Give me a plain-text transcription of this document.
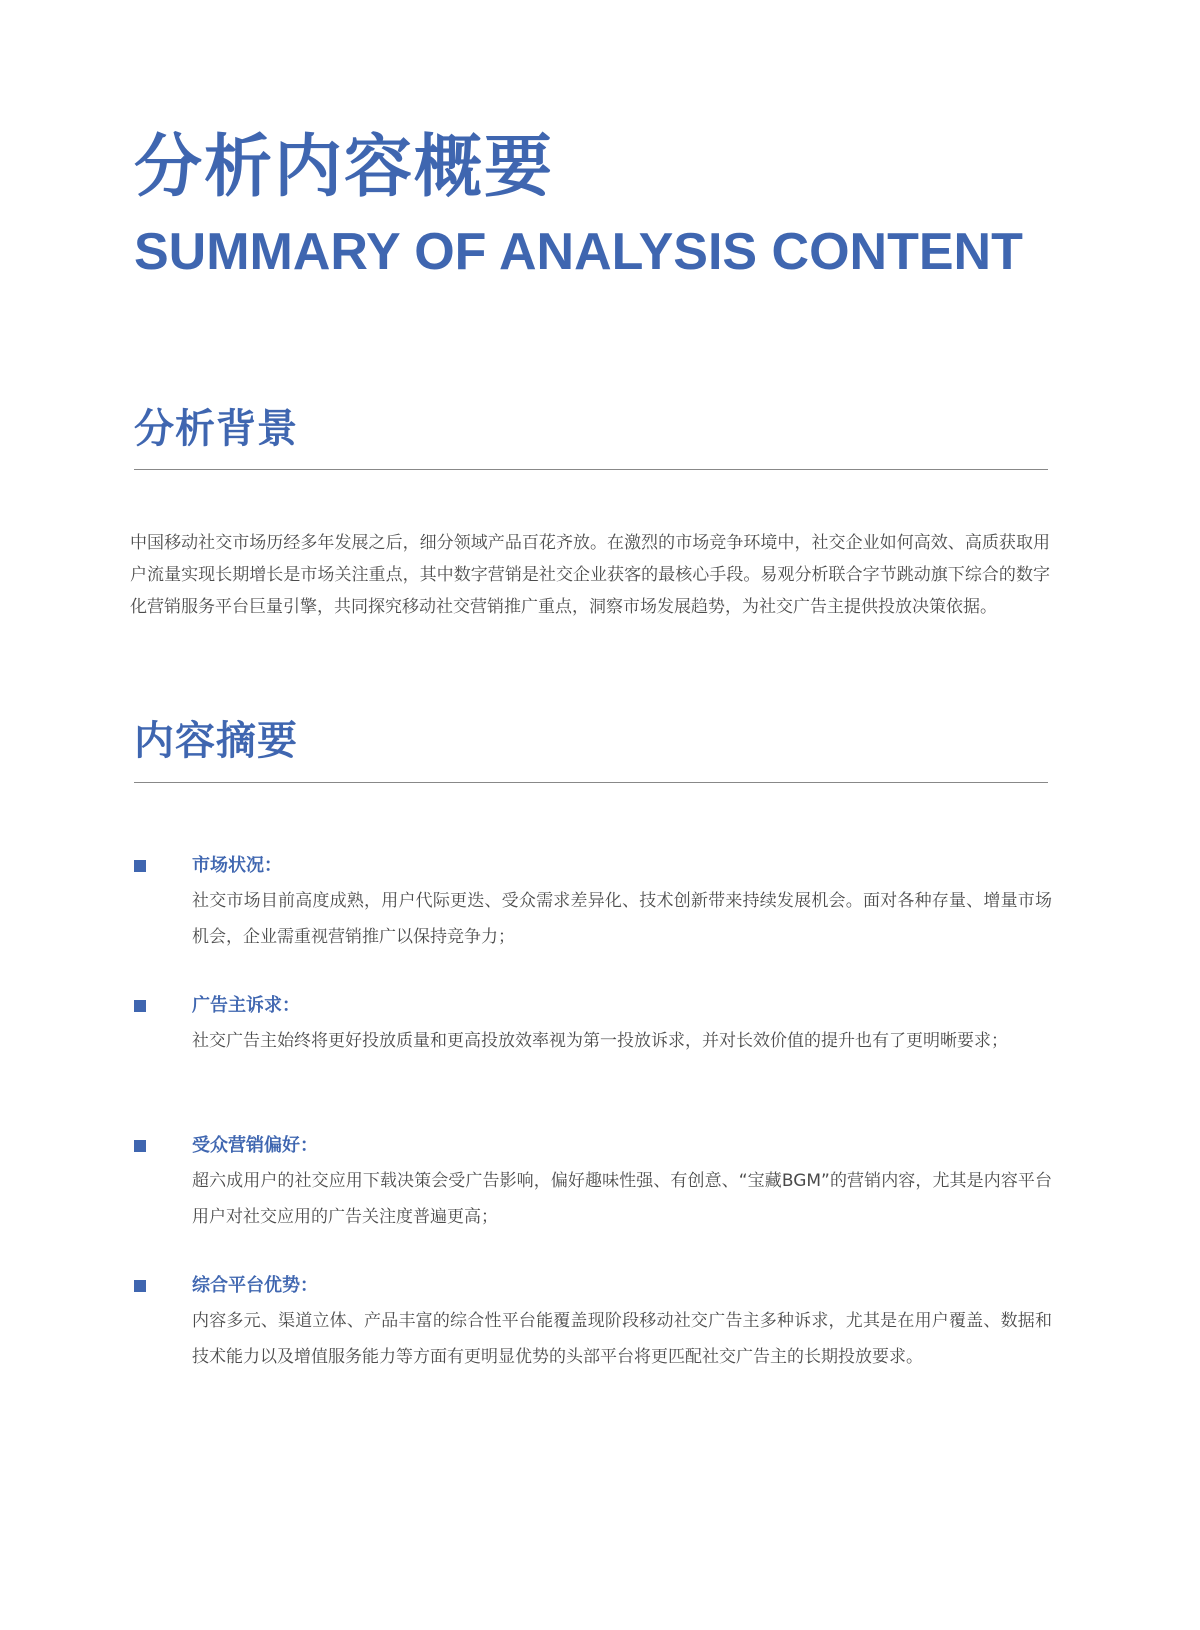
分析内容概要
SUMMARY OF ANALYSIS CONTENT
分析背景

中国移动社交市场历经多年发展之后，细分领域产品百花齐放。在激烈的市场竞争环境中，社交企业如何高效、高质获取用户流量实现长期增长是市场关注重点，其中数字营销是社交企业获客的最核心手段。易观分析联合字节跳动旗下综合的数字化营销服务平台巨量引擎，共同探究移动社交营销推广重点，洞察市场发展趋势，为社交广告主提供投放决策依据。

内容摘要
市场状况：

社交市场目前高度成熟，用户代际更迭、受众需求差异化、技术创新带来持续发展机会。面对各种存量、增量市场机会，企业需重视营销推广以保持竞争力；

广告主诉求：

社交广告主始终将更好投放质量和更高投放效率视为第一投放诉求，并对长效价值的提升也有了更明晰要求；

受众营销偏好：

超六成用户的社交应用下载决策会受广告影响，偏好趣味性强、有创意、“宝藏BGM”的营销内容，尤其是内容平台用户对社交应用的广告关注度普遍更高；

综合平台优势：

内容多元、渠道立体、产品丰富的综合性平台能覆盖现阶段移动社交广告主多种诉求，尤其是在用户覆盖、数据和技术能力以及增值服务能力等方面有更明显优势的头部平台将更匹配社交广告主的长期投放要求。
